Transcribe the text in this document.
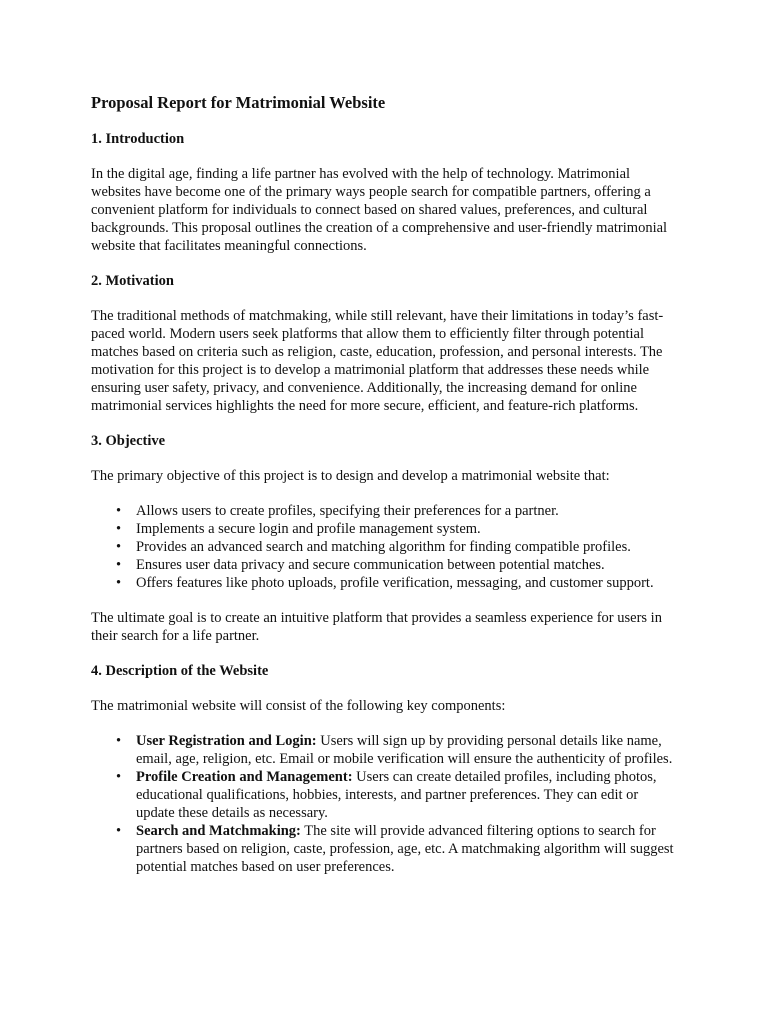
Proposal Report for Matrimonial Website
1. Introduction

In the digital age, finding a life partner has evolved with the help of technology. Matrimonial websites have become one of the primary ways people search for compatible partners, offering a convenient platform for individuals to connect based on shared values, preferences, and cultural backgrounds. This proposal outlines the creation of a comprehensive and user-friendly matrimonial website that facilitates meaningful connections.

2. Motivation

The traditional methods of matchmaking, while still relevant, have their limitations in today’s fast-paced world. Modern users seek platforms that allow them to efficiently filter through potential matches based on criteria such as religion, caste, education, profession, and personal interests. The motivation for this project is to develop a matrimonial platform that addresses these needs while ensuring user safety, privacy, and convenience. Additionally, the increasing demand for online matrimonial services highlights the need for more secure, efficient, and feature-rich platforms.

3. Objective

The primary objective of this project is to design and develop a matrimonial website that:

• Allows users to create profiles, specifying their preferences for a partner.
• Implements a secure login and profile management system.
• Provides an advanced search and matching algorithm for finding compatible profiles.
• Ensures user data privacy and secure communication between potential matches.
• Offers features like photo uploads, profile verification, messaging, and customer support.

The ultimate goal is to create an intuitive platform that provides a seamless experience for users in their search for a life partner.

4. Description of the Website

The matrimonial website will consist of the following key components:

• User Registration and Login: Users will sign up by providing personal details like name, email, age, religion, etc. Email or mobile verification will ensure the authenticity of profiles.
• Profile Creation and Management: Users can create detailed profiles, including photos, educational qualifications, hobbies, interests, and partner preferences. They can edit or update these details as necessary.
• Search and Matchmaking: The site will provide advanced filtering options to search for partners based on religion, caste, profession, age, etc. A matchmaking algorithm will suggest potential matches based on user preferences.
